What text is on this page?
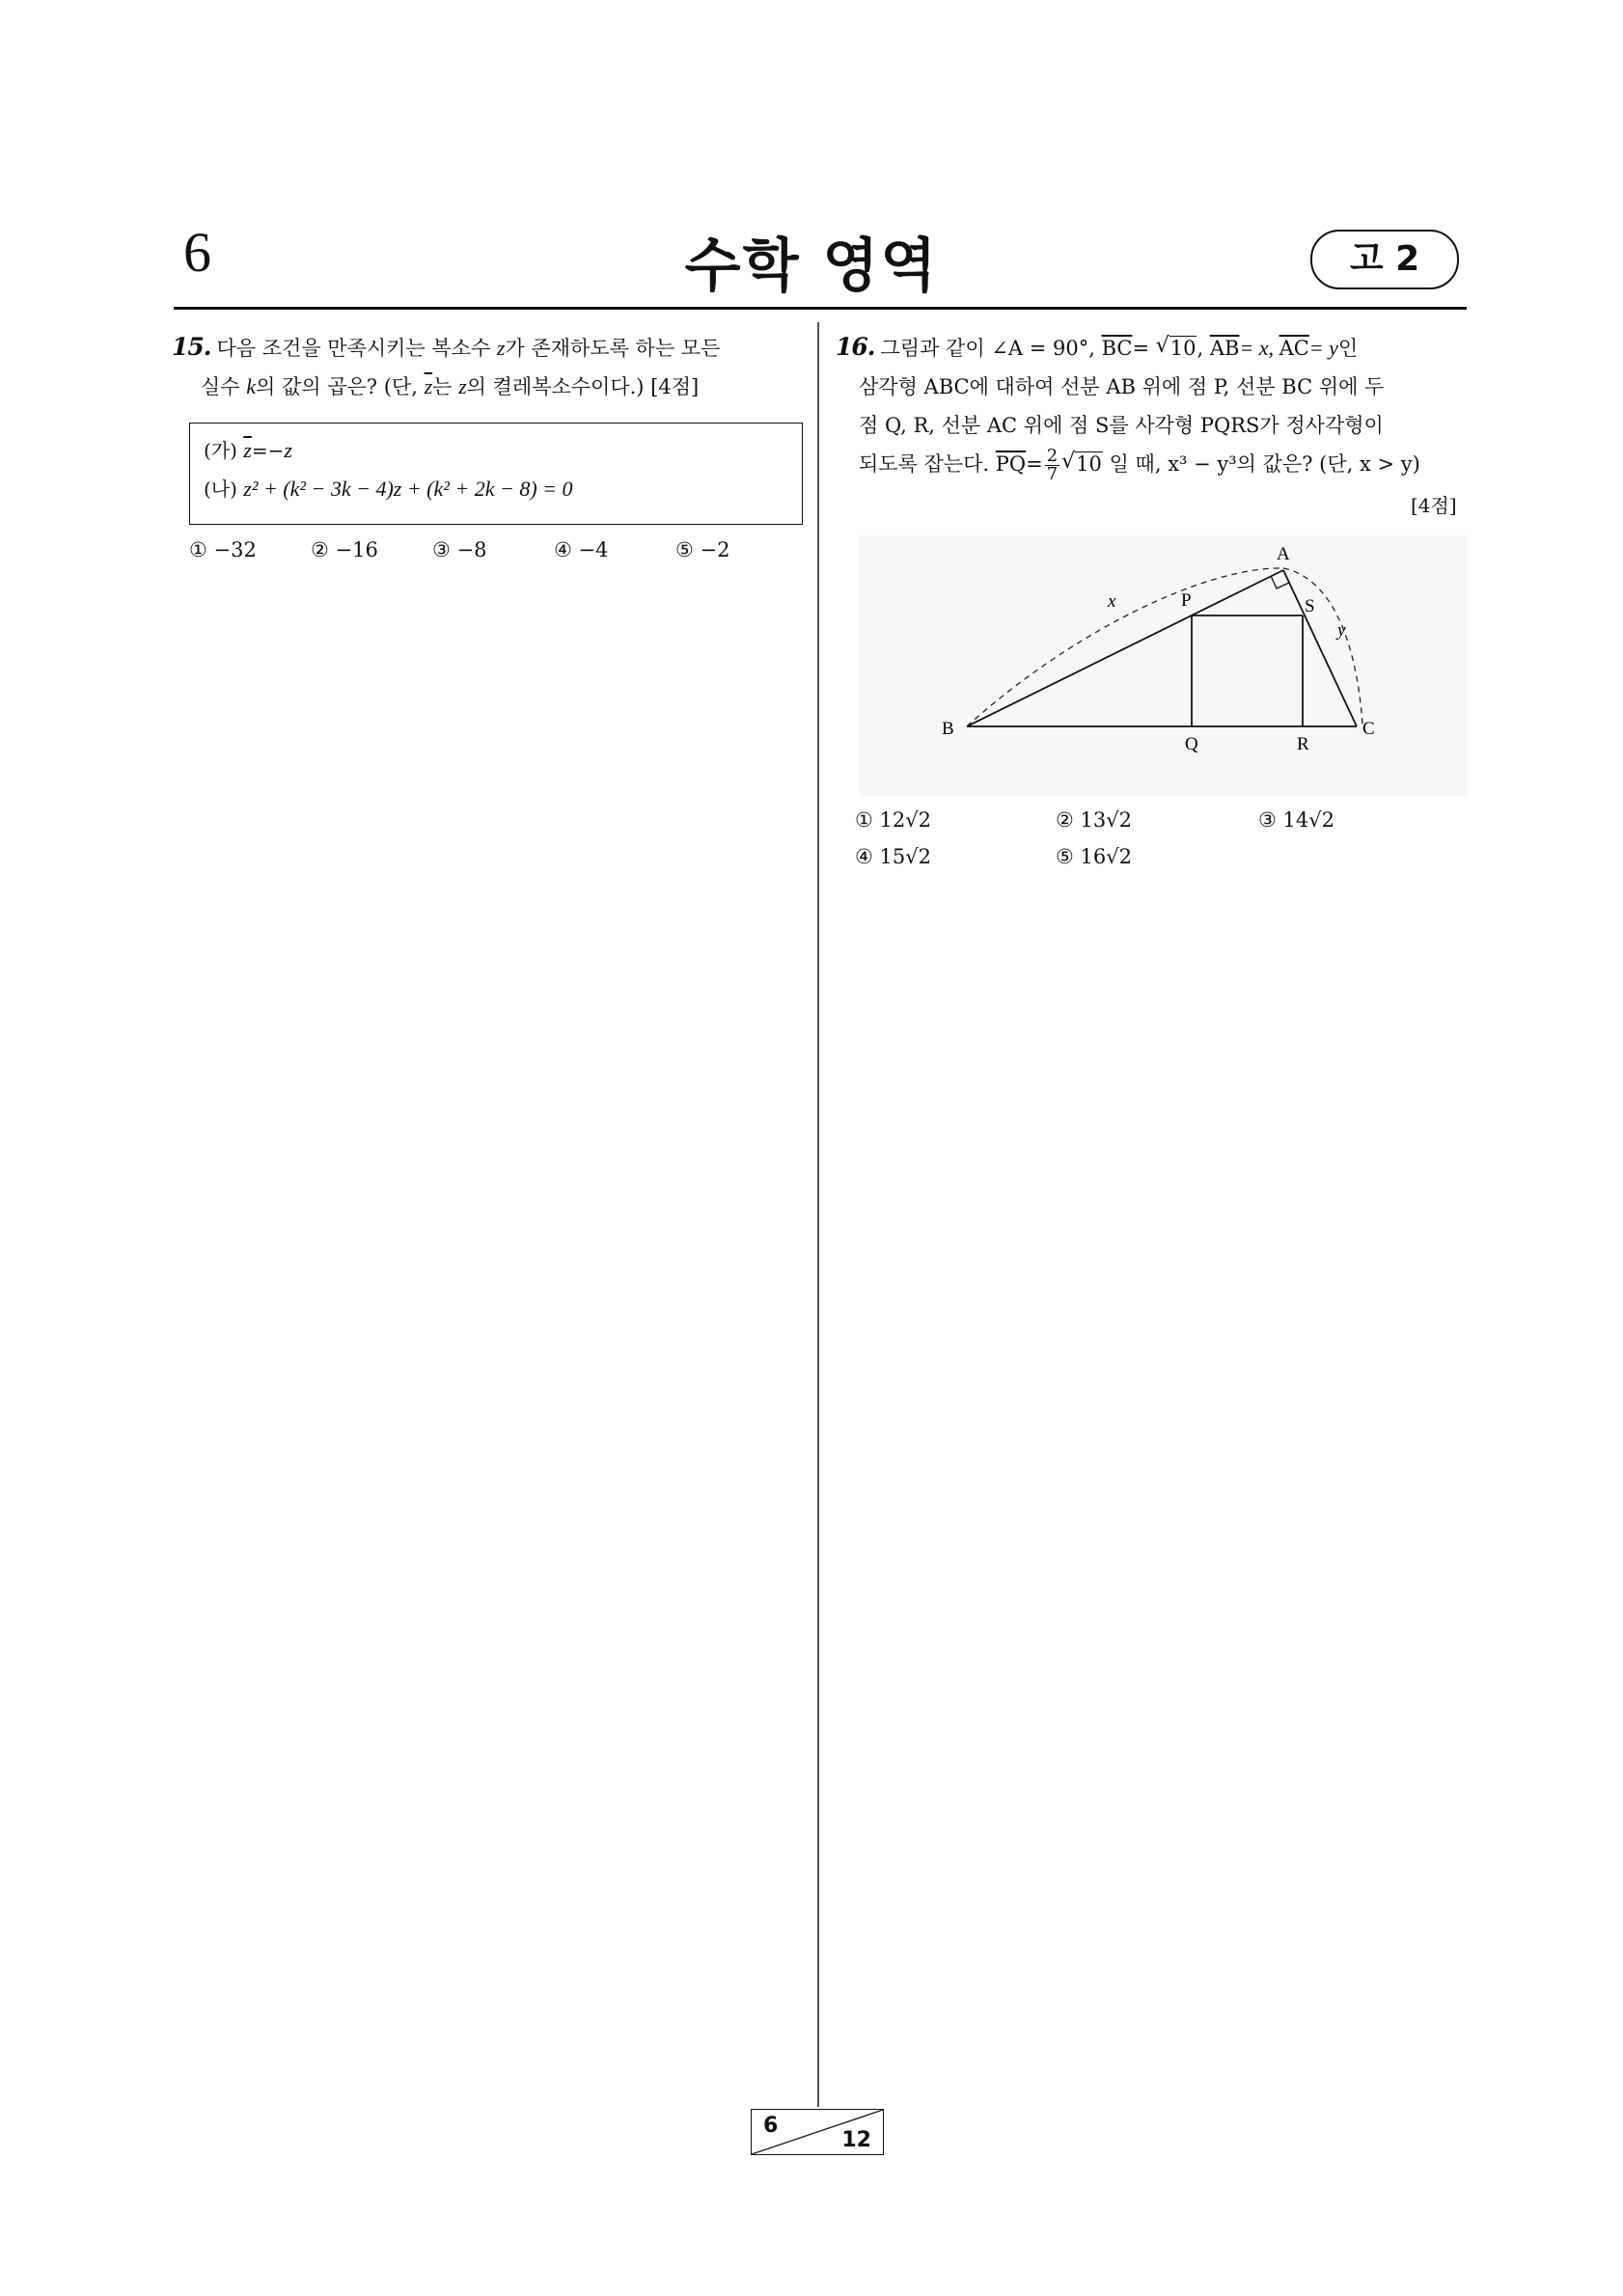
6	수학 영역	고 2
15. 다음 조건을 만족시키는 복소수 z가 존재하도록 하는 모든
실수 k의 값의 곱은? (단, $\overline{z}$는 z의 켤레복소수이다.) [4점]
(가) $\overline{z}=-z$
(나) z² + (k² − 3k − 4)z + (k² + 2k − 8) = 0
① −32	② −16	③ −8	④ −4	⑤ −2
16. 그림과 같이 ∠A = 90°, $\overline{BC}=$ √ 10, $\overline{AB}= x$, $\overline{AC}= y$인
삼각형 ABC에 대하여 선분 AB 위에 점 P, 선분 BC 위에 두
점 Q, R, 선분 AC 위에 점 S를 사각형 PQRS가 정사각형이
되도록 잡는다. $\overline{PQ}= \frac{2}{7}$ √ 10 일 때, x³ − y³의 값은? (단, x > y)
[4점]
A
B	C
P
Q	R
S
x
y
① 12√2	② 13√2	③ 14√2
④ 15√2	⑤ 16√2
6
12
